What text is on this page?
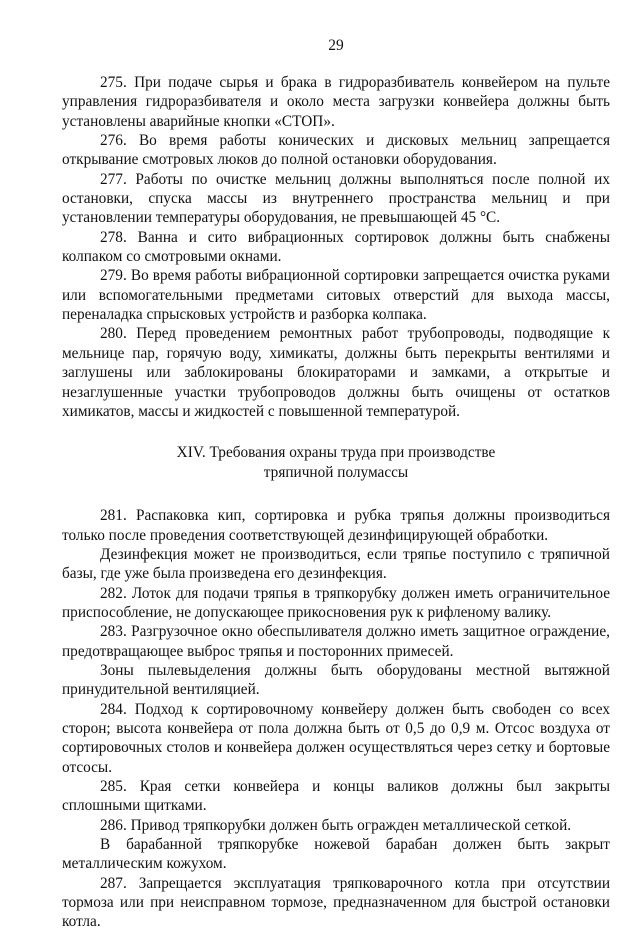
29

275. При подаче сырья и брака в гидроразбиватель конвейером на пульте управления гидроразбивателя и около места загрузки конвейера должны быть установлены аварийные кнопки «СТОП».

276. Во время работы конических и дисковых мельниц запрещается открывание смотровых люков до полной остановки оборудования.

277. Работы по очистке мельниц должны выполняться после полной их остановки, спуска массы из внутреннего пространства мельниц и при установлении температуры оборудования, не превышающей 45 °С.

278. Ванна и сито вибрационных сортировок должны быть снабжены колпаком со смотровыми окнами.

279. Во время работы вибрационной сортировки запрещается очистка руками или вспомогательными предметами ситовых отверстий для выхода массы, переналадка спрысковых устройств и разборка колпака.

280. Перед проведением ремонтных работ трубопроводы, подводящие к мельнице пар, горячую воду, химикаты, должны быть перекрыты вентилями и заглушены или заблокированы блокираторами и замками, а открытые и незаглушенные участки трубопроводов должны быть очищены от остатков химикатов, массы и жидкостей с повышенной температурой.

XIV. Требования охраны труда при производстве
тряпичной полумассы

281. Распаковка кип, сортировка и рубка тряпья должны производиться только после проведения соответствующей дезинфицирующей обработки.

Дезинфекция может не производиться, если тряпье поступило с тряпичной базы, где уже была произведена его дезинфекция.

282. Лоток для подачи тряпья в тряпкорубку должен иметь ограничительное приспособление, не допускающее прикосновения рук к рифленому валику.

283. Разгрузочное окно обеспыливателя должно иметь защитное ограждение, предотвращающее выброс тряпья и посторонних примесей.

Зоны пылевыделения должны быть оборудованы местной вытяжной принудительной вентиляцией.

284. Подход к сортировочному конвейеру должен быть свободен со всех сторон; высота конвейера от пола должна быть от 0,5 до 0,9 м. Отсос воздуха от сортировочных столов и конвейера должен осуществляться через сетку и бортовые отсосы.

285. Края сетки конвейера и концы валиков должны был закрыты сплошными щитками.

286. Привод тряпкорубки должен быть огражден металлической сеткой.

В барабанной тряпкорубке ножевой барабан должен быть закрыт металлическим кожухом.

287. Запрещается эксплуатация тряпковарочного котла при отсутствии тормоза или при неисправном тормозе, предназначенном для быстрой остановки котла.
